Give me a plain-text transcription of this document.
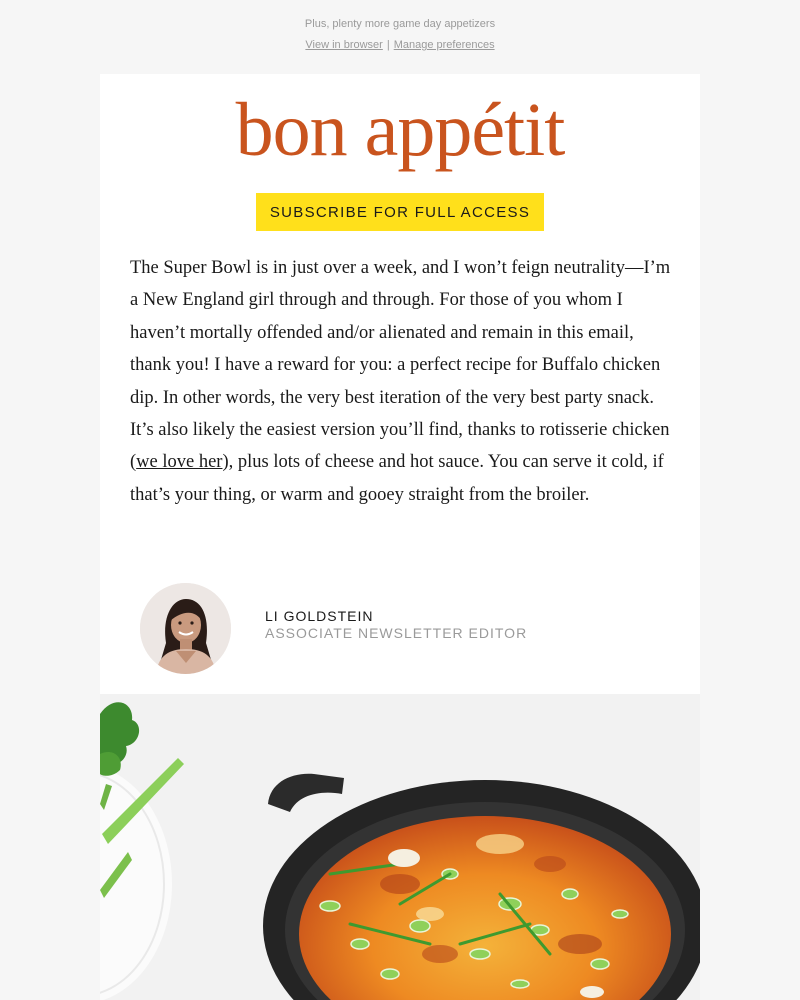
Plus, plenty more game day appetizers
View in browser | Manage preferences
bon appétit
SUBSCRIBE FOR FULL ACCESS

The Super Bowl is in just over a week, and I won’t feign neutrality—I’m a New England girl through and through. For those of you whom I haven’t mortally offended and/or alienated and remain in this email, thank you! I have a reward for you: a perfect recipe for Buffalo chicken dip. In other words, the very best iteration of the very best party snack. It’s also likely the easiest version you’ll find, thanks to rotisserie chicken (we love her), plus lots of cheese and hot sauce. You can serve it cold, if that’s your thing, or warm and gooey straight from the broiler.

LI GOLDSTEIN
ASSOCIATE NEWSLETTER EDITOR
